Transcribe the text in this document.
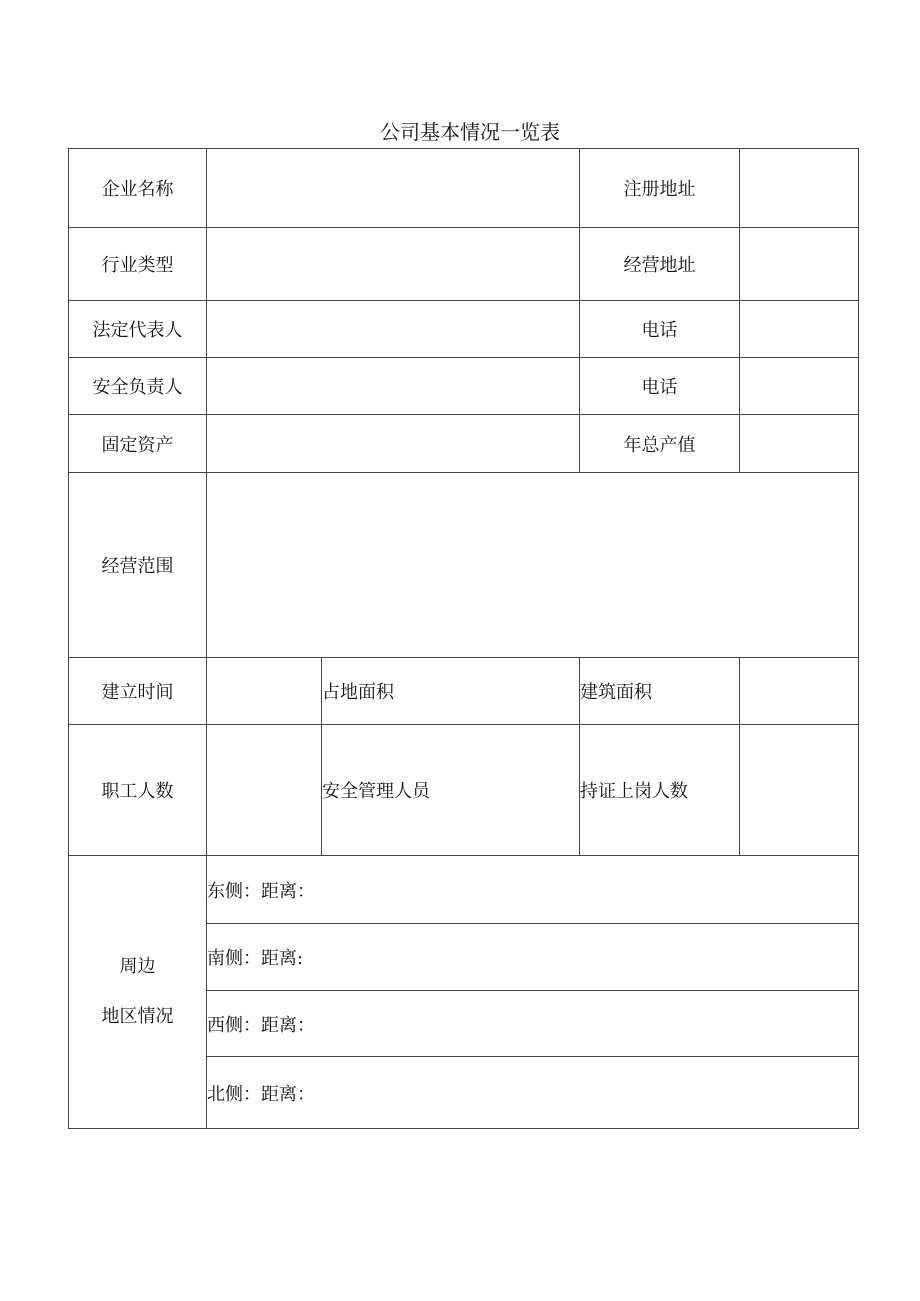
公司基本情况一览表
企业名称			注册地址	
行业类型			经营地址	
法定代表人			电话	
安全负责人			电话	
固定资产			年总产值	
经营范围				
建立时间		占地面积	建筑面积	
职工人数		安全管理人员	持证上岗人数	

周边
地区情况	东侧：距离：			
	南侧：距离:			
	西侧：距离：			
	北侧：距离：			
